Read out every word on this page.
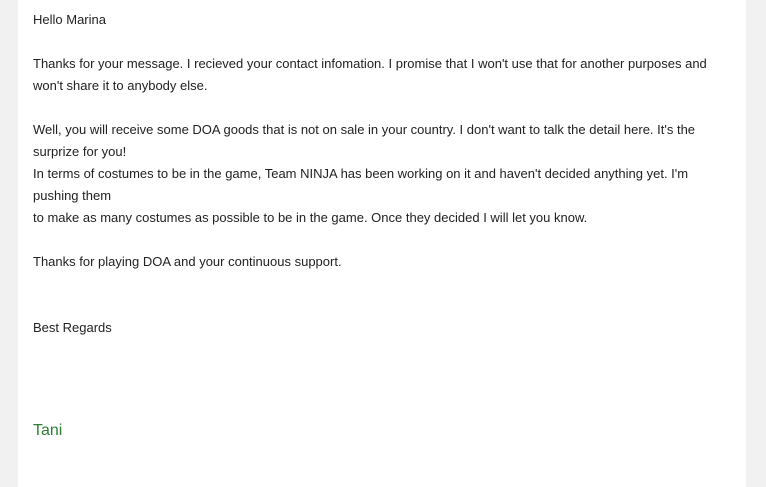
Hello Marina
Thanks for your message. I recieved your contact infomation. I promise that I won't use that for another purposes and
won't share it to anybody else.
Well, you will receive some DOA goods that is not on sale in your country. I don't want to talk the detail here. It's the
surprize for you!
In terms of costumes to be in the game, Team NINJA has been working on it and haven't decided anything yet. I'm
pushing them
to make as many costumes as possible to be in the game. Once they decided I will let you know.
Thanks for playing DOA and your continuous support.
Best Regards
Tani
